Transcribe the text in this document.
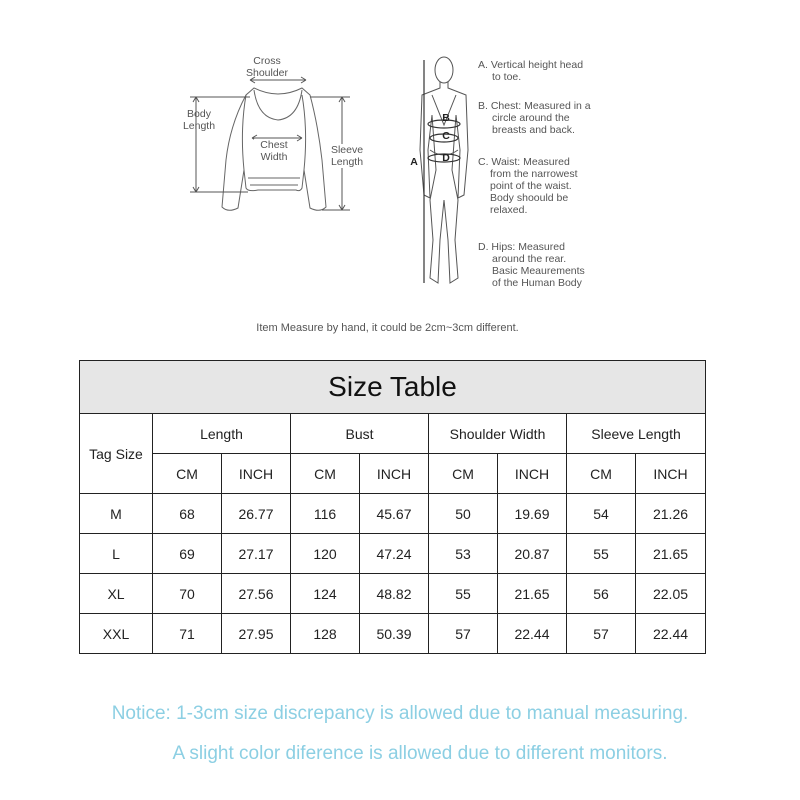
Cross
Shoulder
Body
Length
Chest
Width
Sleeve
Length	A
B
C
D
A. Vertical height head
to toe.
B. Chest: Measured in a
circle around the
breasts and back.
C. Waist: Measured
from the narrowest
point of the waist.
Body shoould be
relaxed.
D. Hips: Measured
around the rear.
Basic Meaurements
of the Human Body
Item Measure by hand, it could be 2cm~3cm different.
Size Table								
Tag Size	Length		Bust		Shoulder Width		Sleeve Length	
	CM	INCH	CM	INCH	CM	INCH	CM	INCH
M	68	26.77	116	45.67	50	19.69	54	21.26
L	69	27.17	120	47.24	53	20.87	55	21.65
XL	70	27.56	124	48.82	55	21.65	56	22.05
XXL	71	27.95	128	50.39	57	22.44	57	22.44
Notice: 1-3cm size discrepancy is allowed due to manual measuring.
A slight color diference is allowed due to different monitors.
